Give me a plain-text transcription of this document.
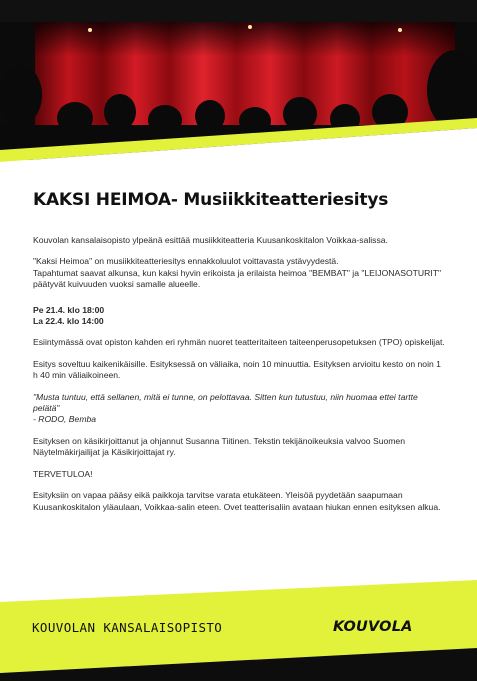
KAKSI HEIMOA- Musiikkiteatteriesitys

Kouvolan kansalaisopisto ylpeänä esittää musiikkiteatteria Kuusankoskitalon Voikkaa-salissa.

"Kaksi Heimoa" on musiikkiteatteriesitys ennakkoluulot voittavasta ystävyydestä.

Tapahtumat saavat alkunsa, kun kaksi hyvin erikoista ja erilaista heimoa "BEMBAT" ja "LEIJONASOTURIT" päätyvät kuivuuden vuoksi samalle alueelle.

Pe 21.4. klo 18:00

La 22.4. klo 14:00

Esiintymässä ovat opiston kahden eri ryhmän nuoret teatteritaiteen taiteenperusopetuksen (TPO) opiskelijat.

Esitys soveltuu kaikenikäisille. Esityksessä on väliaika, noin 10 minuuttia. Esityksen arvioitu kesto on noin 1 h 40 min väliaikoineen.

"Musta tuntuu, että sellanen, mitä ei tunne, on pelottavaa. Sitten kun tutustuu, niin huomaa ettei tartte pelätä"

- RODO, Bemba

Esityksen on käsikirjoittanut ja ohjannut Susanna Tiitinen. Tekstin tekijänoikeuksia valvoo Suomen Näytelmäkirjailijat ja Käsikirjoittajat ry.

TERVETULOA!

Esityksiin on vapaa pääsy eikä paikkoja tarvitse varata etukäteen. Yleisöä pyydetään saapumaan Kuusankoskitalon yläaulaan, Voikkaa-salin eteen. Ovet teatterisaliin avataan hiukan ennen esityksen alkua.

KOUVOLAN KANSALAISOPISTO	KOUVOLA
